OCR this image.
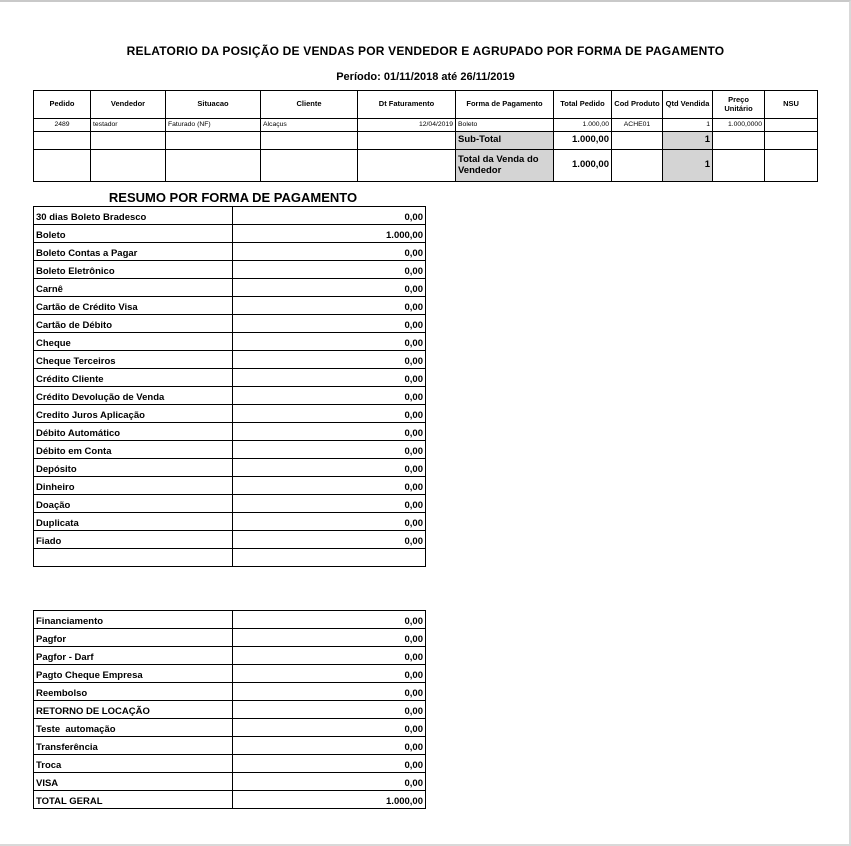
RELATORIO DA POSIÇÃO DE VENDAS POR VENDEDOR E AGRUPADO POR FORMA DE PAGAMENTO
Período: 01/11/2018 até 26/11/2019
Pedido	Vendedor	Situacao	Cliente	Dt Faturamento	Forma de Pagamento	Total Pedido	Cod Produto	Qtd Vendida	Preço Unitário	NSU
2489	testador	Faturado (NF)	Alcaçus	12/04/2019	Boleto	1.000,00	ACHE01	1	1.000,0000	
					Sub-Total	1.000,00		1		
					Total da Venda do Vendedor	1.000,00		1		
RESUMO POR FORMA DE PAGAMENTO
30 dias Boleto Bradesco	0,00
Boleto	1.000,00
Boleto Contas a Pagar	0,00
Boleto Eletrônico	0,00
Carnê	0,00
Cartão de Crédito Visa	0,00
Cartão de Débito	0,00
Cheque	0,00
Cheque Terceiros	0,00
Crédito Cliente	0,00
Crédito Devolução de Venda	0,00
Credito Juros Aplicação	0,00
Débito Automático	0,00
Débito em Conta	0,00
Depósito	0,00
Dinheiro	0,00
Doação	0,00
Duplicata	0,00
Fiado	0,00

Financiamento	0,00
Pagfor	0,00
Pagfor - Darf	0,00
Pagto Cheque Empresa	0,00
Reembolso	0,00
RETORNO DE LOCAÇÃO	0,00
Teste  automação	0,00
Transferência	0,00
Troca	0,00
VISA	0,00
TOTAL GERAL	1.000,00
